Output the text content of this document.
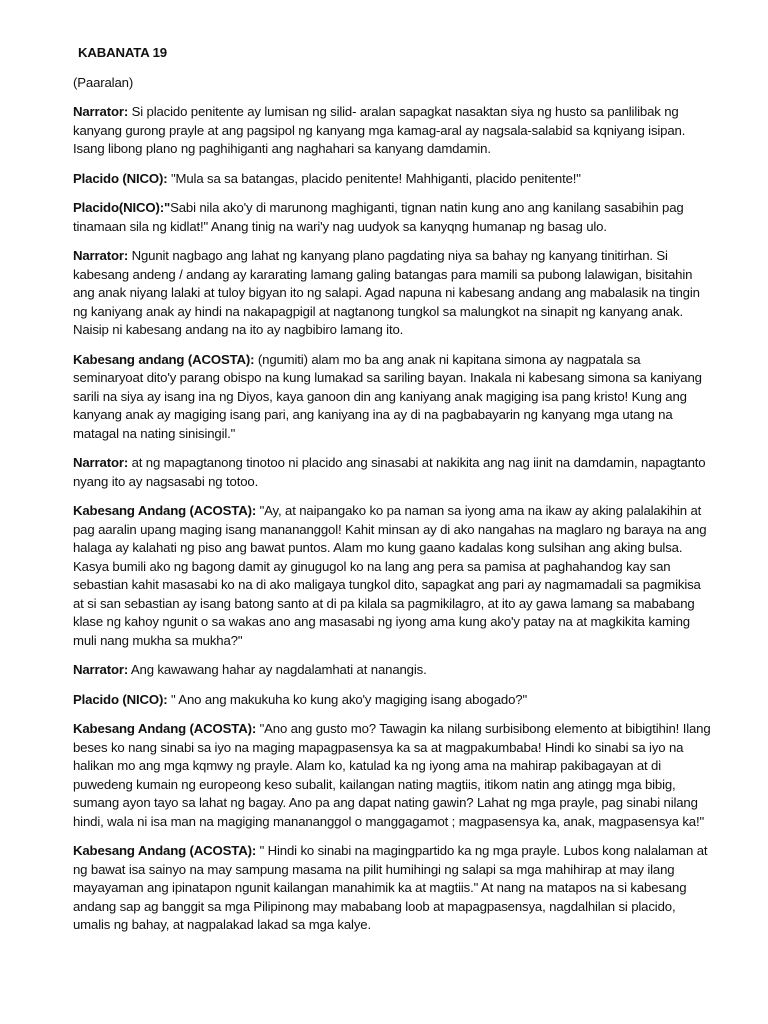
KABANATA 19
(Paaralan)

Narrator: Si placido penitente ay lumisan ng silid- aralan sapagkat nasaktan siya ng husto sa panlilibak ng kanyang gurong prayle at ang pagsipol ng kanyang mga kamag-aral ay nagsala-salabid sa kqniyang isipan. Isang libong plano ng paghihiganti ang naghahari sa kanyang damdamin.

Placido (NICO): "Mula sa sa batangas, placido penitente! Mahhiganti, placido penitente!"

Placido(NICO):"Sabi nila ako'y di marunong maghiganti, tignan natin kung ano ang kanilang sasabihin pag tinamaan sila ng kidlat!" Anang tinig na wari'y nag uudyok sa kanyqng humanap ng basag ulo.

Narrator: Ngunit nagbago ang lahat ng kanyang plano pagdating niya sa bahay ng kanyang tinitirhan. Si kabesang andeng / andang ay kararating lamang galing batangas para mamili sa pubong lalawigan, bisitahin ang anak niyang lalaki at tuloy bigyan ito ng salapi. Agad napuna ni kabesang andang ang mabalasik na tingin ng kaniyang anak ay hindi na nakapagpigil at nagtanong tungkol sa malungkot na sinapit ng kanyang anak. Naisip ni kabesang andang na ito ay nagbibiro lamang ito.

Kabesang andang (ACOSTA): (ngumiti) alam mo ba ang anak ni kapitana simona ay nagpatala sa seminaryoat dito'y parang obispo na kung lumakad sa sariling bayan. Inakala ni kabesang simona sa kaniyang sarili na siya ay isang ina ng Diyos, kaya ganoon din ang kaniyang anak magiging isa pang kristo! Kung ang kanyang anak ay magiging isang pari, ang kaniyang ina ay di na pagbabayarin ng kanyang mga utang na matagal na nating sinisingil."

Narrator: at ng mapagtanong tinotoo ni placido ang sinasabi at nakikita ang nag iinit na damdamin, napagtanto nyang ito ay nagsasabi ng totoo.

Kabesang Andang (ACOSTA): "Ay, at naipangako ko pa naman sa iyong ama na ikaw ay aking palalakihin at pag aaralin upang maging isang manananggol! Kahit minsan ay di ako nangahas na maglaro ng baraya na ang halaga ay kalahati ng piso ang bawat puntos. Alam mo kung gaano kadalas kong sulsihan ang aking bulsa. Kasya bumili ako ng bagong damit ay ginugugol ko na lang ang pera sa pamisa at paghahandog kay san sebastian kahit masasabi ko na di ako maligaya tungkol dito, sapagkat ang pari ay nagmamadali sa pagmikisa at si san sebastian ay isang batong santo at di pa kilala sa pagmikilagro, at ito ay gawa lamang sa mababang klase ng kahoy ngunit o sa wakas ano ang masasabi ng iyong ama kung ako'y patay na at magkikita kaming muli nang mukha sa mukha?"

Narrator: Ang kawawang hahar ay nagdalamhati at nanangis.

Placido (NICO): " Ano ang makukuha ko kung ako'y magiging isang abogado?"

Kabesang Andang (ACOSTA): "Ano ang gusto mo? Tawagin ka nilang surbisibong elemento at bibigtihin! Ilang beses ko nang sinabi sa iyo na maging mapagpasensya ka sa at magpakumbaba! Hindi ko sinabi sa iyo na halikan mo ang mga kqmwy ng prayle. Alam ko, katulad ka ng iyong ama na mahirap pakibagayan at di puwedeng kumain ng europeong keso subalit, kailangan nating magtiis, itikom natin ang atingg mga bibig, sumang ayon tayo sa lahat ng bagay. Ano pa ang dapat nating gawin? Lahat ng mga prayle, pag sinabi nilang hindi, wala ni isa man na magiging manananggol o manggagamot ; magpasensya ka, anak, magpasensya ka!"

Kabesang Andang (ACOSTA): " Hindi ko sinabi na magingpartido ka ng mga prayle. Lubos kong nalalaman at ng bawat isa sainyo na may sampung masama na pilit humihingi ng salapi sa mga mahihirap at may ilang mayayaman ang ipinatapon ngunit kailangan manahimik ka at magtiis." At nang na matapos na si kabesang andang sap ag banggit sa mga Pilipinong may mababang loob at mapagpasensya, nagdalhilan si placido, umalis ng bahay, at nagpalakad lakad sa mga kalye.
